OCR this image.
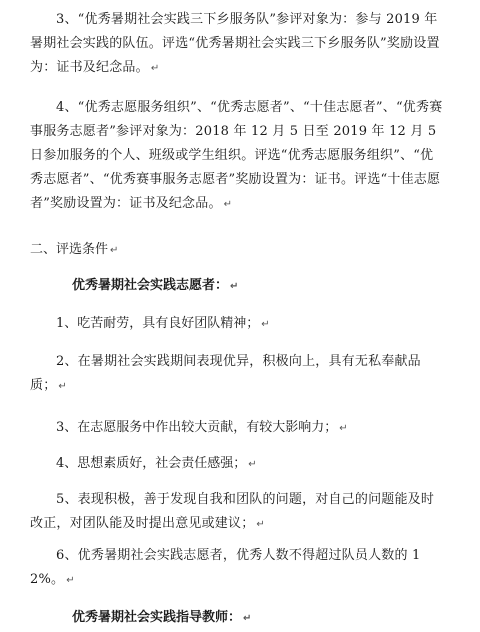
3、“优秀暑期社会实践三下乡服务队”参评对象为：参与 2019 年暑期社会实践的队伍。评选“优秀暑期社会实践三下乡服务队”奖励设置为：证书及纪念品。 ↵
4、“优秀志愿服务组织”、“优秀志愿者”、“十佳志愿者”、“优秀赛事服务志愿者”参评对象为：2018 年 12 月 5 日至 2019 年 12 月 5 日参加服务的个人、班级或学生组织。评选“优秀志愿服务组织”、“优秀志愿者”、“优秀赛事服务志愿者”奖励设置为：证书。评选“十佳志愿者”奖励设置为：证书及纪念品。 ↵
二、评选条件 ↵
优秀暑期社会实践志愿者： ↵
1、吃苦耐劳，具有良好团队精神； ↵
2、在暑期社会实践期间表现优异，积极向上，具有无私奉献品质； ↵
3、在志愿服务中作出较大贡献，有较大影响力； ↵
4、思想素质好，社会责任感强； ↵
5、表现积极，善于发现自我和团队的问题，对自己的问题能及时改正，对团队能及时提出意见或建议； ↵
6、优秀暑期社会实践志愿者，优秀人数不得超过队员人数的 12%。 ↵
优秀暑期社会实践指导教师： ↵
